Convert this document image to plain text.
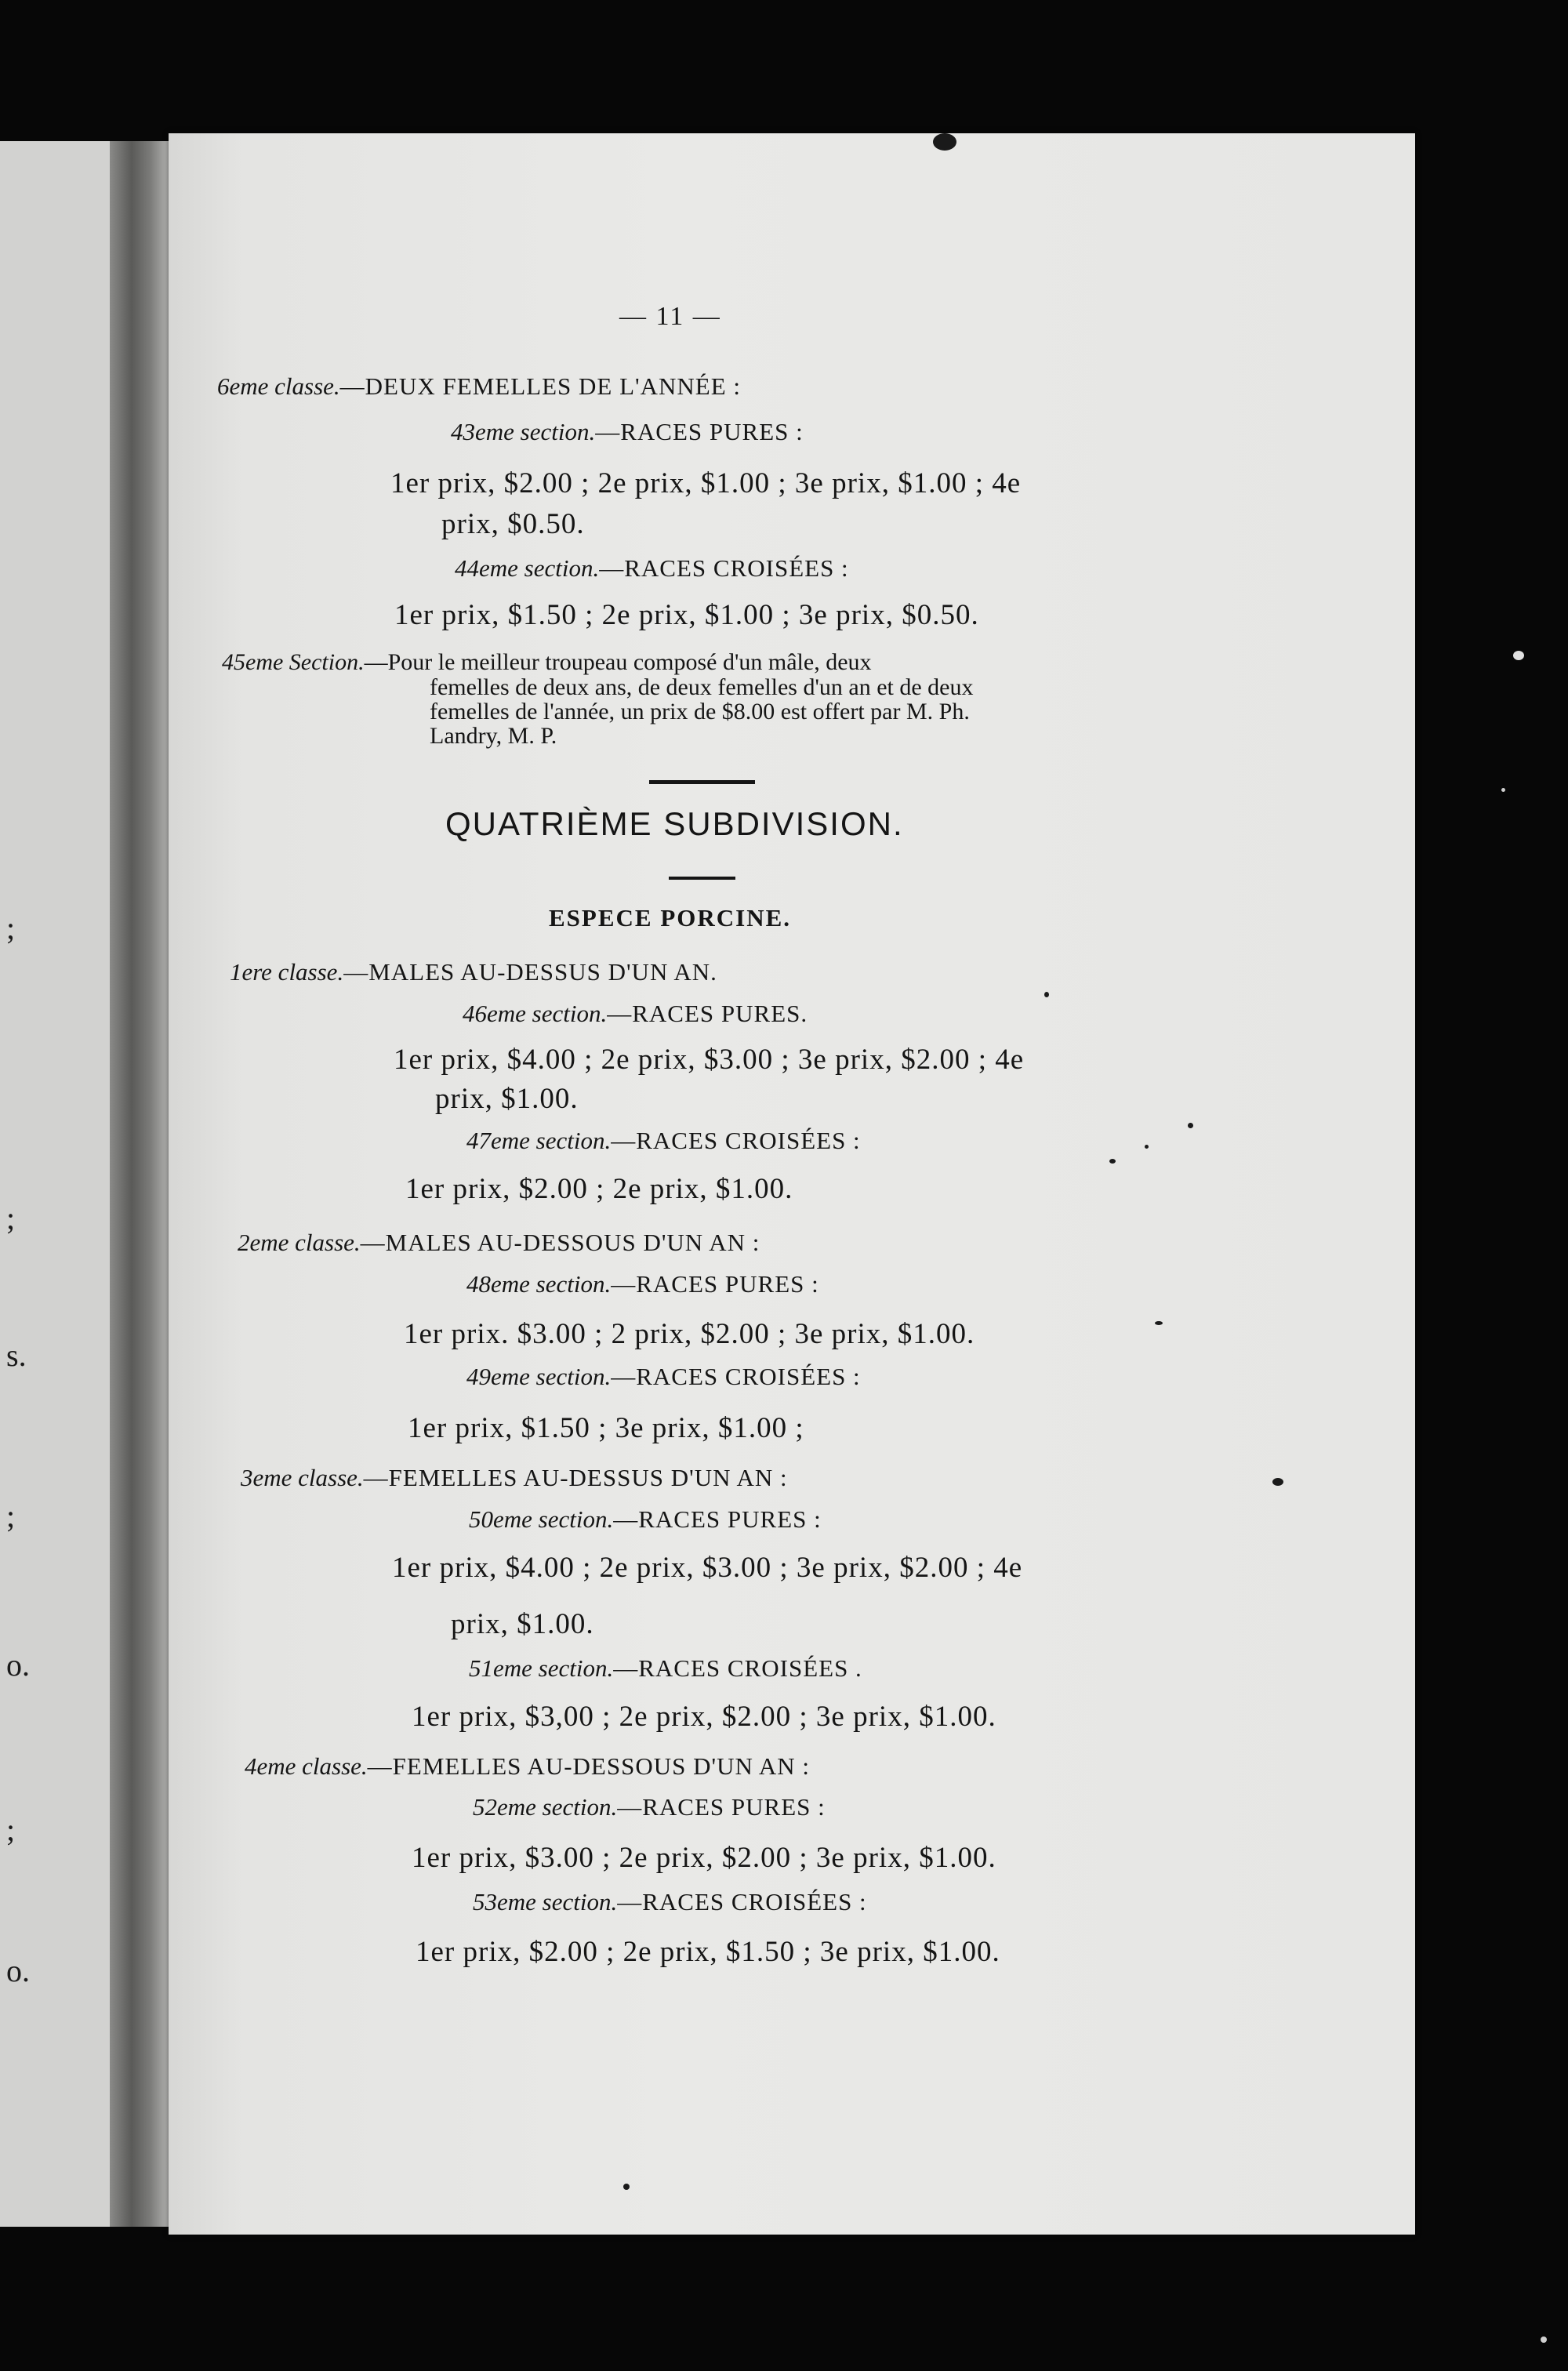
;
;
s.
;
o.
;
o.
— 11 —
6eme classe.—DEUX FEMELLES DE L'ANNÉE :
43eme section.—RACES PURES :
1er prix, $2.00 ; 2e prix, $1.00 ; 3e prix, $1.00 ; 4e
prix, $0.50.
44eme section.—RACES CROISÉES :
1er prix, $1.50 ; 2e prix, $1.00 ; 3e prix, $0.50.
45eme Section.—Pour le meilleur troupeau composé d'un mâle, deux
femelles de deux ans, de deux femelles d'un an et de deux
femelles de l'année, un prix de $8.00 est offert par M. Ph.
Landry, M. P.
QUATRIÈME SUBDIVISION.
ESPECE PORCINE.
1ere classe.—MALES AU-DESSUS D'UN AN.
46eme section.—RACES PURES.
1er prix, $4.00 ; 2e prix, $3.00 ; 3e prix, $2.00 ; 4e
prix, $1.00.
47eme section.—RACES CROISÉES :
1er prix, $2.00 ; 2e prix, $1.00.
2eme classe.—MALES AU-DESSOUS D'UN AN :
48eme section.—RACES PURES :
1er prix. $3.00 ; 2 prix, $2.00 ; 3e prix, $1.00.
49eme section.—RACES CROISÉES :
1er prix, $1.50 ; 3e prix, $1.00 ;
3eme classe.—FEMELLES AU-DESSUS D'UN AN :
50eme section.—RACES PURES :
1er prix, $4.00 ; 2e prix, $3.00 ; 3e prix, $2.00 ; 4e
prix, $1.00.
51eme section.—RACES CROISÉES .
1er prix, $3,00 ; 2e prix, $2.00 ; 3e prix, $1.00.
4eme classe.—FEMELLES AU-DESSOUS D'UN AN :
52eme section.—RACES PURES :
1er prix, $3.00 ; 2e prix, $2.00 ; 3e prix, $1.00.
53eme section.—RACES CROISÉES :
1er prix, $2.00 ; 2e prix, $1.50 ; 3e prix, $1.00.
